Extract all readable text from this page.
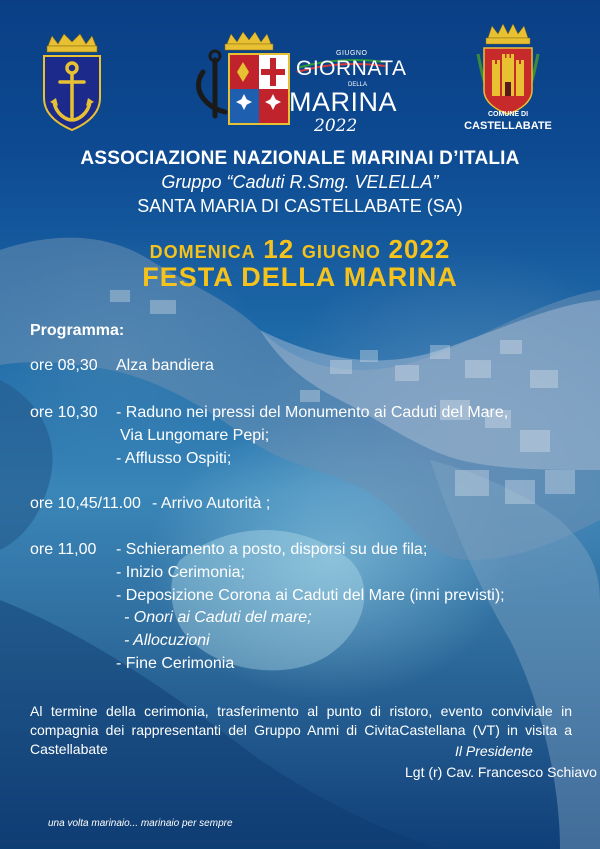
GIUGNO
GIORNATA
DELLA
MARINA
2022
COMUNE DI
CASTELLABATE
ASSOCIAZIONE NAZIONALE MARINAI D’ITALIA
Gruppo “Caduti R.Smg. VELELLA”
SANTA MARIA DI CASTELLABATE (SA)
DOMENICA 12 GIUGNO 2022
FESTA DELLA MARINA
Programma:
ore 08,30 Alza bandiera
ore 10,30 - Raduno nei pressi del Monumento ai Caduti del Mare,
Via Lungomare Pepi;
- Afflusso Ospiti;
ore 10,45/11.00 - Arrivo Autorità ;
ore 11,00 - Schieramento a posto, disporsi su due fila;
- Inizio Cerimonia;
- Deposizione Corona ai Caduti del Mare (inni previsti);
- Onori ai Caduti del mare;
- Allocuzioni
- Fine Cerimonia
Al termine della cerimonia, trasferimento al punto di ristoro, evento conviviale in compagnia dei rappresentanti del Gruppo Anmi di CivitaCastellana (VT) in visita a Castellabate	Il Presidente
Lgt (r) Cav. Francesco Schiavo
una volta marinaio... marinaio per sempre
